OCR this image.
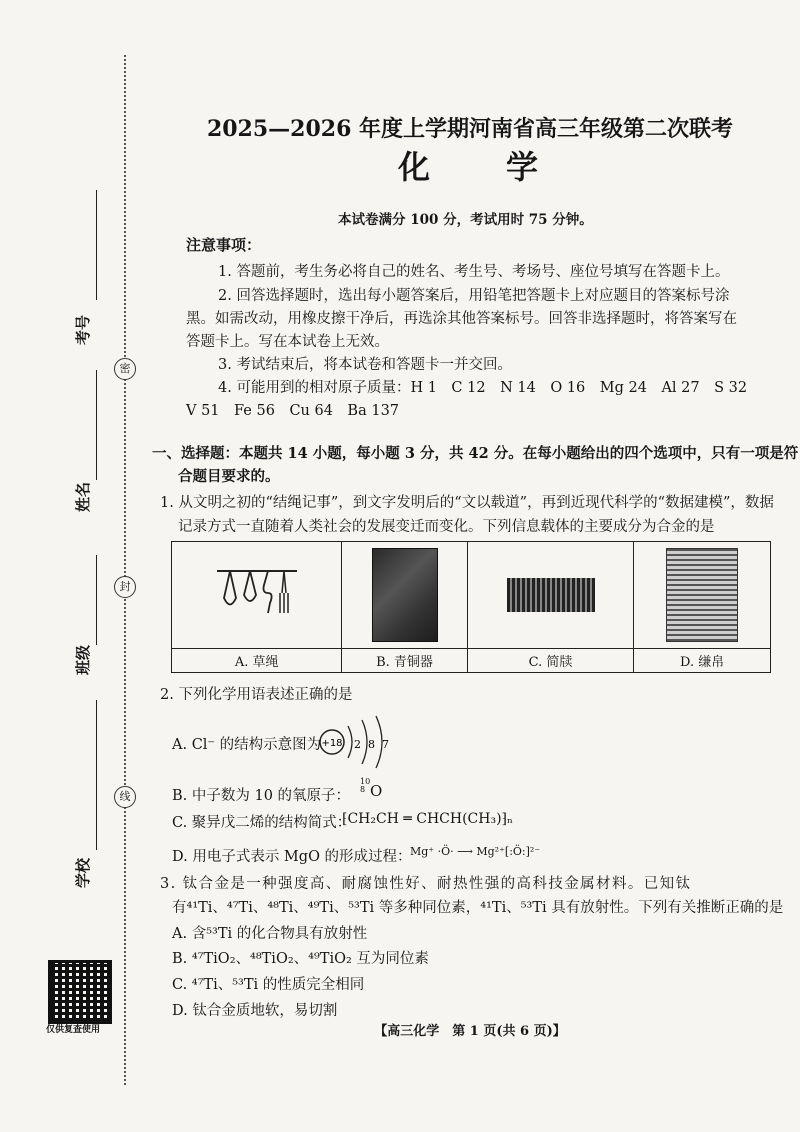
密
封
线
考号
姓名
班级
学校
仅供复查使用
2025—2026 年度上学期河南省高三年级第二次联考
化　　学
本试卷满分 100 分，考试用时 75 分钟。
注意事项：
1. 答题前，考生务必将自己的姓名、考生号、考场号、座位号填写在答题卡上。
2. 回答选择题时，选出每小题答案后，用铅笔把答题卡上对应题目的答案标号涂
黑。如需改动，用橡皮擦干净后，再选涂其他答案标号。回答非选择题时，将答案写在
答题卡上。写在本试卷上无效。
3. 考试结束后，将本试卷和答题卡一并交回。
4. 可能用到的相对原子质量：H 1　C 12　N 14　O 16　Mg 24　Al 27　S 32
V 51　Fe 56　Cu 64　Ba 137
一、选择题：本题共 14 小题，每小题 3 分，共 42 分。在每小题给出的四个选项中，只有一项是符
合题目要求的。
1. 从文明之初的“结绳记事”，到文字发明后的“文以载道”，再到近现代科学的“数据建模”，数据
记录方式一直随着人类社会的发展变迁而变化。下列信息载体的主要成分为合金的是

A. 草绳	B. 青铜器	C. 简牍	D. 缣帛
2. 下列化学用语表述正确的是
A. Cl⁻ 的结构示意图为 +18 2 8 7
B. 中子数为 10 的氧原子：
10
8 O
C. 聚异戊二烯的结构简式：
⁅CH₂CH ═ CHCH(CH₃)⁆ₙ
D. 用电子式表示 MgO 的形成过程：
Mg⁺ ·Ö· ⟶ Mg²⁺[:Ö:]²⁻
3. 钛合金是一种强度高、耐腐蚀性好、耐热性强的高科技金属材料。已知钛
有⁴¹Ti、⁴⁷Ti、⁴⁸Ti、⁴⁹Ti、⁵³Ti 等多种同位素，⁴¹Ti、⁵³Ti 具有放射性。下列有关推断正确的是
A. 含⁵³Ti 的化合物具有放射性
B. ⁴⁷TiO₂、⁴⁸TiO₂、⁴⁹TiO₂ 互为同位素
C. ⁴⁷Ti、⁵³Ti 的性质完全相同
D. 钛合金质地软，易切割
【高三化学　第 1 页(共 6 页)】
